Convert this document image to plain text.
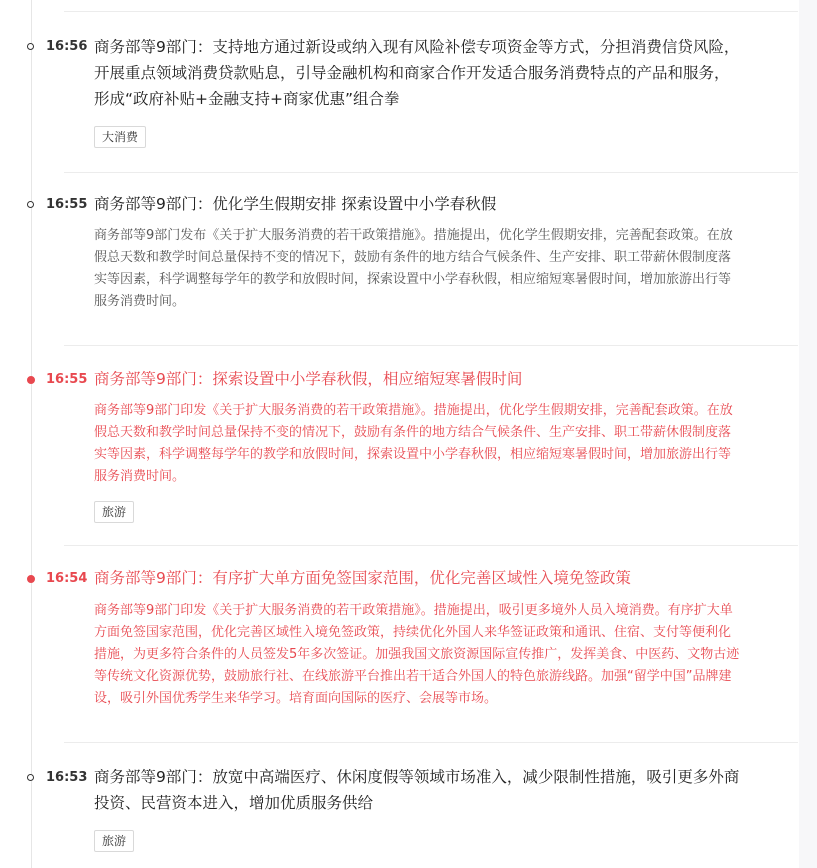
16:56 商务部等9部门：支持地方通过新设或纳入现有风险补偿专项资金等方式，分担消费信贷风险，开展重点领域消费贷款贴息，引导金融机构和商家合作开发适合服务消费特点的产品和服务，形成“政府补贴+金融支持+商家优惠”组合拳
大消费
16:55 商务部等9部门：优化学生假期安排 探索设置中小学春秋假
商务部等9部门发布《关于扩大服务消费的若干政策措施》。措施提出，优化学生假期安排，完善配套政策。在放假总天数和教学时间总量保持不变的情况下，鼓励有条件的地方结合气候条件、生产安排、职工带薪休假制度落实等因素，科学调整每学年的教学和放假时间，探索设置中小学春秋假，相应缩短寒暑假时间，增加旅游出行等服务消费时间。
16:55 商务部等9部门：探索设置中小学春秋假，相应缩短寒暑假时间
商务部等9部门印发《关于扩大服务消费的若干政策措施》。措施提出，优化学生假期安排，完善配套政策。在放假总天数和教学时间总量保持不变的情况下，鼓励有条件的地方结合气候条件、生产安排、职工带薪休假制度落实等因素，科学调整每学年的教学和放假时间，探索设置中小学春秋假，相应缩短寒暑假时间，增加旅游出行等服务消费时间。
旅游
16:54 商务部等9部门：有序扩大单方面免签国家范围，优化完善区域性入境免签政策
商务部等9部门印发《关于扩大服务消费的若干政策措施》。措施提出，吸引更多境外人员入境消费。有序扩大单方面免签国家范围，优化完善区域性入境免签政策，持续优化外国人来华签证政策和通讯、住宿、支付等便利化措施，为更多符合条件的人员签发5年多次签证。加强我国文旅资源国际宣传推广，发挥美食、中医药、文物古迹等传统文化资源优势，鼓励旅行社、在线旅游平台推出若干适合外国人的特色旅游线路。加强“留学中国”品牌建设，吸引外国优秀学生来华学习。培育面向国际的医疗、会展等市场。
16:53 商务部等9部门：放宽中高端医疗、休闲度假等领域市场准入，减少限制性措施，吸引更多外商投资、民营资本进入，增加优质服务供给
旅游
